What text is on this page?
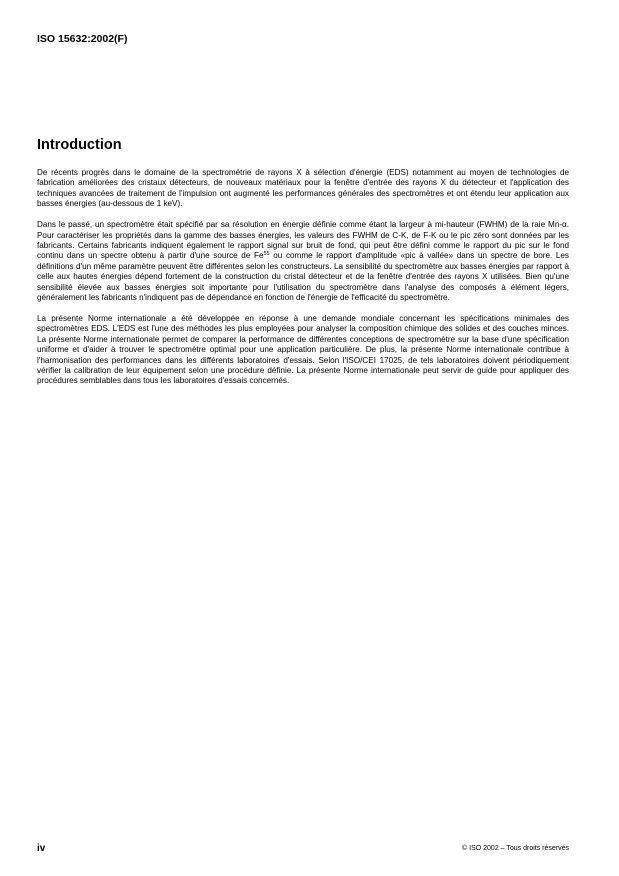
ISO 15632:2002(F)
Introduction

De récents progrès dans le domaine de la spectrométrie de rayons X à sélection d'énergie (EDS) notamment au moyen de technologies de fabrication améliorées des cristaux détecteurs, de nouveaux matériaux pour la fenêtre d'entrée des rayons X du détecteur et l'application des techniques avancées de traitement de l'impulsion ont augmenté les performances générales des spectromètres et ont étendu leur application aux basses énergies (au-dessous de 1 keV).

Dans le passé, un spectromètre était spécifié par sa résolution en énergie définie comme étant la largeur à mi-hauteur (FWHM) de la raie Mn-α. Pour caractériser les propriétés dans la gamme des basses énergies, les valeurs des FWHM de C-K, de F-K ou le pic zéro sont données par les fabricants. Certains fabricants indiquent également le rapport signal sur bruit de fond, qui peut être défini comme le rapport du pic sur le fond continu dans un spectre obtenu à partir d'une source de Fe$^{55}$ ou comme le rapport d'amplitude «pic à vallée» dans un spectre de bore. Les définitions d'un même paramètre peuvent être différentes selon les constructeurs. La sensibilité du spectromètre aux basses énergies par rapport à celle aux hautes énergies dépend fortement de la construction du cristal détecteur et de la fenêtre d'entrée des rayons X utilisées. Bien qu'une sensibilité élevée aux basses énergies soit importante pour l'utilisation du spectromètre dans l'analyse des composés à élément légers, généralement les fabricants n'indiquent pas de dépendance en fonction de l'énergie de l'efficacité du spectromètre.

La présente Norme internationale a été développée en réponse à une demande mondiale concernant les spécifications minimales des spectromètres EDS. L'EDS est l'une des méthodes les plus employées pour analyser la composition chimique des solides et des couches minces. La présente Norme internationale permet de comparer la performance de différentes conceptions de spectromètre sur la base d'une spécification uniforme et d'aider à trouver le spectromètre optimal pour une application particulière. De plus, la présente Norme internationale contribue à l'harmonisation des performances dans les différents laboratoires d'essais. Selon l'ISO/CEI 17025, de tels laboratoires doivent périodiquement vérifier la calibration de leur équipement selon une procédure définie. La présente Norme internationale peut servir de guide pour appliquer des procédures semblables dans tous les laboratoires d'essais concernés.

iv	© ISO 2002 – Tous droits réservés
